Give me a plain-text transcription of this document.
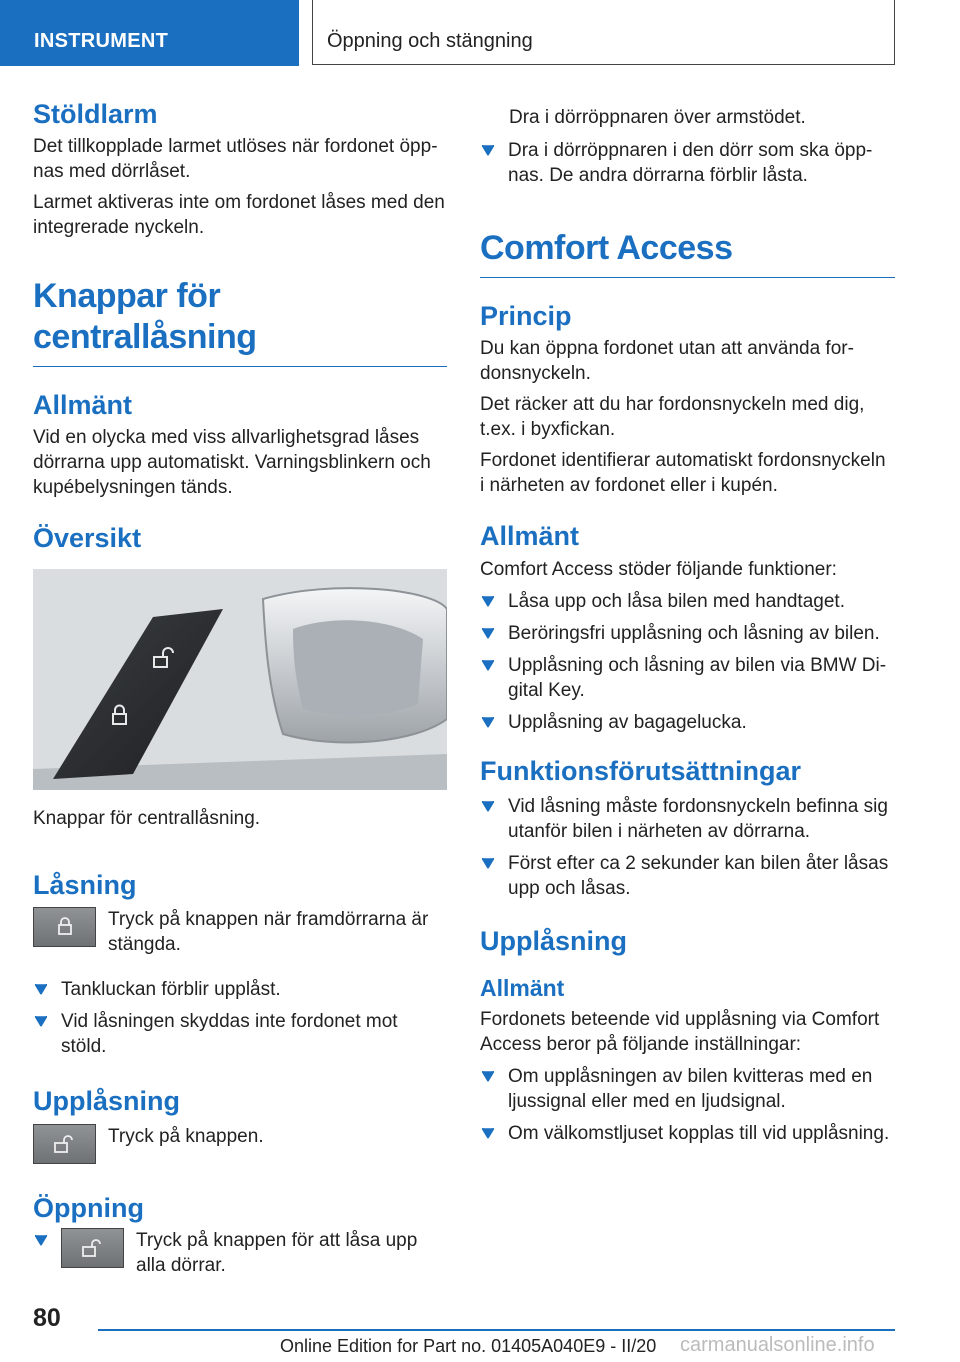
INSTRUMENT	Öppning och stängning
Stöldlarm

Det tillkopplade larmet utlöses när fordonet öppnas med dörrlåset.

Larmet aktiveras inte om fordonet låses med den integrerade nyckeln.

Knappar för centrallåsning
Allmänt

Vid en olycka med viss allvarlighetsgrad låses dörrarna upp automatiskt. Varningsblinkern och kupébelysningen tänds.

Översikt

Knappar för centrallåsning.

Låsning

Tryck på knappen när framdörrarna är stängda.

Tankluckan förblir upplåst.
Vid låsningen skyddas inte fordonet mot stöld.
Upplåsning

Tryck på knappen.

Öppning

Tryck på knappen för att låsa upp alla dörrar.

Dra i dörröppnaren över armstödet.

Dra i dörröppnaren i den dörr som ska öppnas. De andra dörrarna förblir låsta.
Comfort Access
Princip

Du kan öppna fordonet utan att använda fordonsnyckeln.

Det räcker att du har fordonsnyckeln med dig, t.ex. i byxfickan.

Fordonet identifierar automatiskt fordonsnyckeln i närheten av fordonet eller i kupén.

Allmänt

Comfort Access stöder följande funktioner:

Låsa upp och låsa bilen med handtaget.
Beröringsfri upplåsning och låsning av bilen.
Upplåsning och låsning av bilen via BMW Digital Key.
Upplåsning av bagagelucka.
Funktionsförutsättningar
Vid låsning måste fordonsnyckeln befinna sig utanför bilen i närheten av dörrarna.
Först efter ca 2 sekunder kan bilen åter låsas upp och låsas.
Upplåsning
Allmänt

Fordonets beteende vid upplåsning via Comfort Access beror på följande inställningar:

Om upplåsningen av bilen kvitteras med en ljussignal eller med en ljudsignal.
Om välkomstljuset kopplas till vid upplåsning.
80
Online Edition for Part no. 01405A040E9 - II/20 carmanualsonline.info
